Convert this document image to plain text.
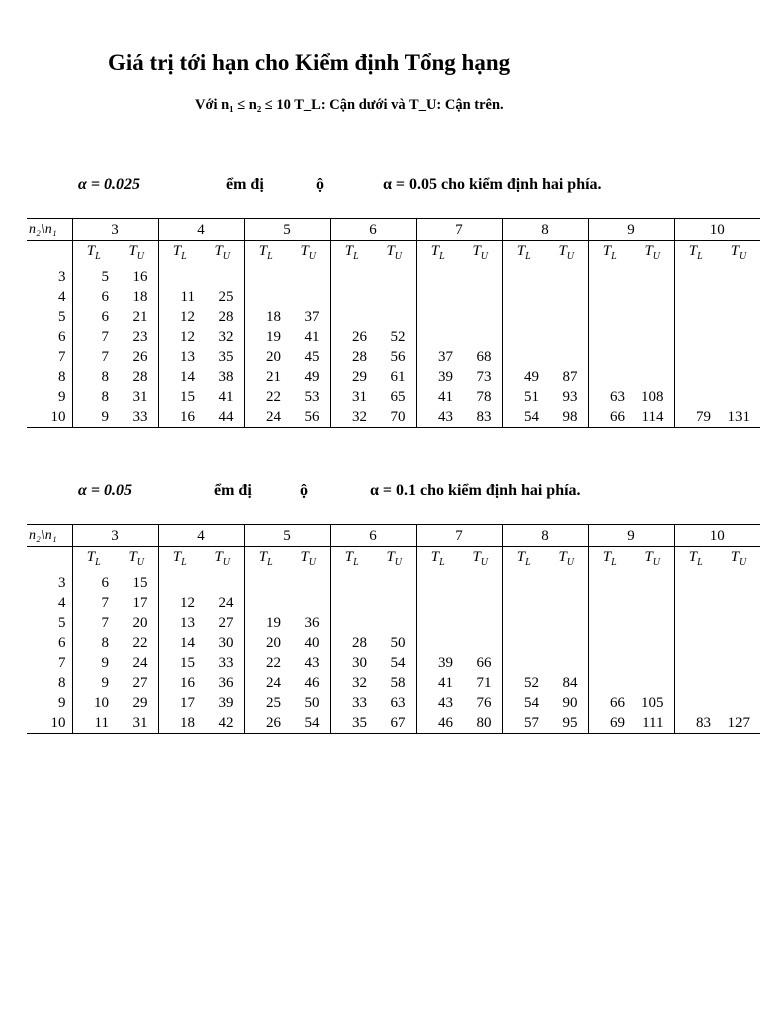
Giá trị tới hạn cho Kiểm định Tổng hạng
Với n₁ ≤ n₂ ≤ 10 T_L: Cận dưới và T_U: Cận trên.
α = 0.025	ểm đị	ộ	α = 0.05 cho kiểm định hai phía.
n₂\n₁	3		4		5		6		7		8		9		10	
	$T_L$	$T_U$	$T_L$	$T_U$	$T_L$	$T_U$	$T_L$	$T_U$	$T_L$	$T_U$	$T_L$	$T_U$	$T_L$	$T_U$	$T_L$	$T_U$
3	5	16														
4	6	18	11	25												
5	6	21	12	28	18	37										
6	7	23	12	32	19	41	26	52								
7	7	26	13	35	20	45	28	56	37	68						
8	8	28	14	38	21	49	29	61	39	73	49	87				
9	8	31	15	41	22	53	31	65	41	78	51	93	63	108		
10	9	33	16	44	24	56	32	70	43	83	54	98	66	114	79	131
α = 0.05	ểm đị	ộ	α = 0.1 cho kiểm định hai phía.
n₂\n₁	3		4		5		6		7		8		9		10	
	$T_L$	$T_U$	$T_L$	$T_U$	$T_L$	$T_U$	$T_L$	$T_U$	$T_L$	$T_U$	$T_L$	$T_U$	$T_L$	$T_U$	$T_L$	$T_U$
3	6	15														
4	7	17	12	24												
5	7	20	13	27	19	36										
6	8	22	14	30	20	40	28	50								
7	9	24	15	33	22	43	30	54	39	66						
8	9	27	16	36	24	46	32	58	41	71	52	84				
9	10	29	17	39	25	50	33	63	43	76	54	90	66	105		
10	11	31	18	42	26	54	35	67	46	80	57	95	69	111	83	127
